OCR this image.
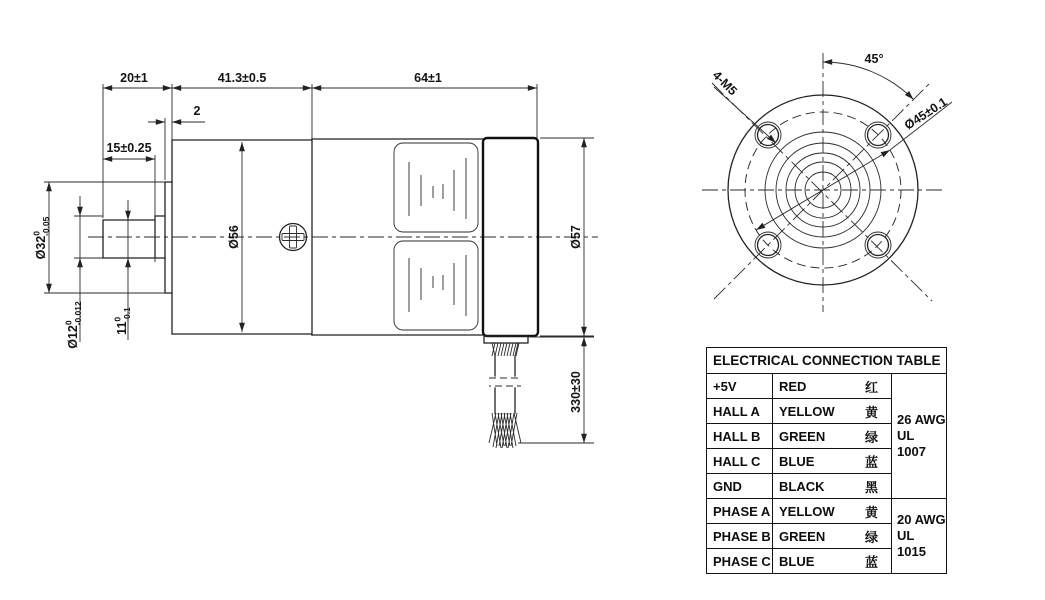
20±1	41.3±0.5	64±1
2
15±0.25
$Ø32^0-0.05$
$Ø12^0-0.012$
$11^0-0.1$
Ø56	Ø57
330±30
45°
4-M5
Ø45±0.1
ELECTRICAL CONNECTION TABLE		
+5V	RED	红

26 AWG
UL 1007

HALL A	YELLOW 黄	

HALL B	GREEN 绿	

HALL C	BLUE 蓝	

GND	BLACK 黑	

PHASE A	YELLOW 黄	20 AWG
UL 1015

PHASE B	GREEN 绿	

PHASE C	BLUE 蓝	
